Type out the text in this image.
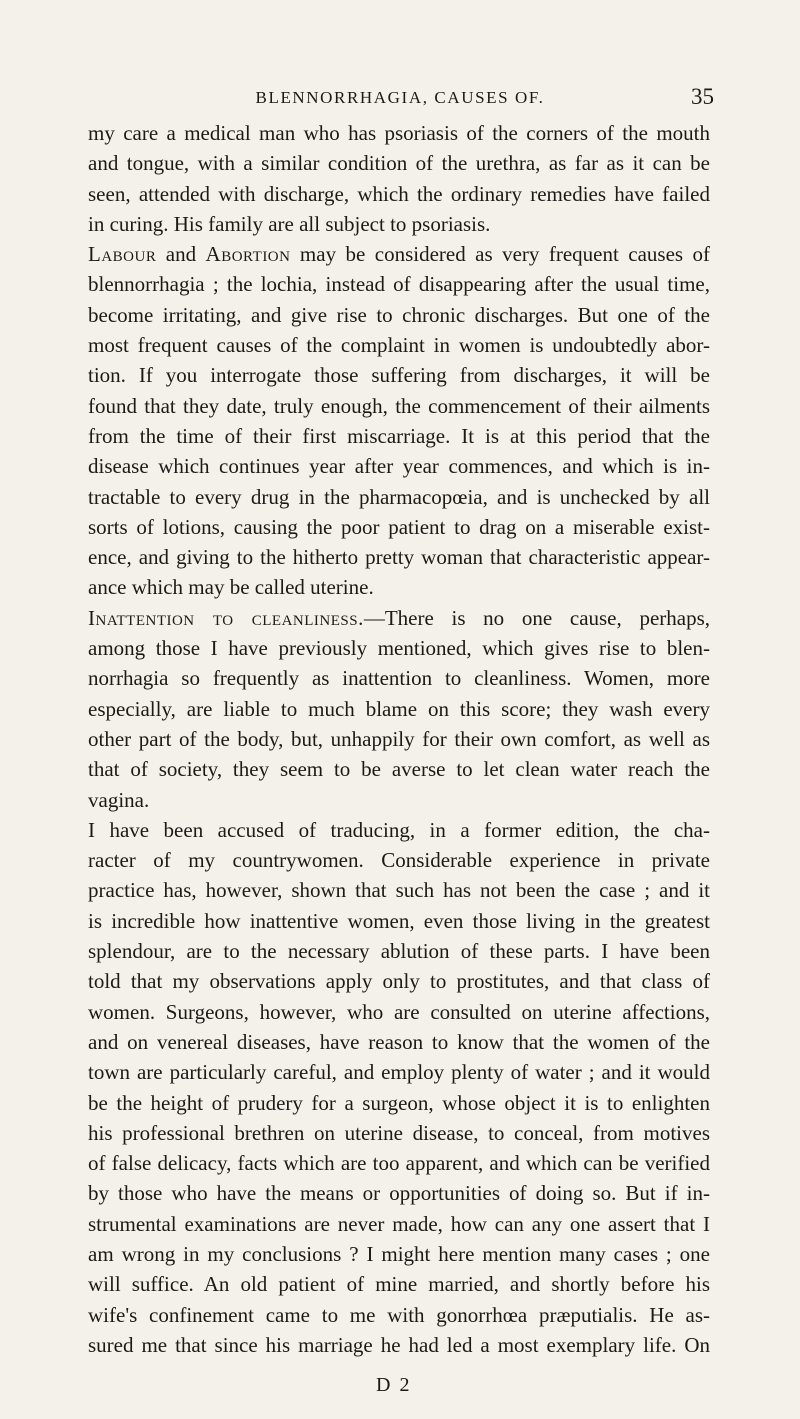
BLENNORRHAGIA, CAUSES OF.	35
my care a medical man who has psoriasis of the corners of the mouth
and tongue, with a similar condition of the urethra, as far as it can be
seen, attended with discharge, which the ordinary remedies have failed
in curing. His family are all subject to psoriasis.
Labour and Abortion may be considered as very frequent causes of
blennorrhagia ; the lochia, instead of disappearing after the usual time,
become irritating, and give rise to chronic discharges. But one of the
most frequent causes of the complaint in women is undoubtedly abor-
tion. If you interrogate those suffering from discharges, it will be
found that they date, truly enough, the commencement of their ailments
from the time of their first miscarriage. It is at this period that the
disease which continues year after year commences, and which is in-
tractable to every drug in the pharmacopœia, and is unchecked by all
sorts of lotions, causing the poor patient to drag on a miserable exist-
ence, and giving to the hitherto pretty woman that characteristic appear-
ance which may be called uterine.
Inattention to cleanliness.—There is no one cause, perhaps,
among those I have previously mentioned, which gives rise to blen-
norrhagia so frequently as inattention to cleanliness. Women, more
especially, are liable to much blame on this score; they wash every
other part of the body, but, unhappily for their own comfort, as well as
that of society, they seem to be averse to let clean water reach the
vagina.
I have been accused of traducing, in a former edition, the cha-
racter of my countrywomen. Considerable experience in private
practice has, however, shown that such has not been the case ; and it
is incredible how inattentive women, even those living in the greatest
splendour, are to the necessary ablution of these parts. I have been
told that my observations apply only to prostitutes, and that class of
women. Surgeons, however, who are consulted on uterine affections,
and on venereal diseases, have reason to know that the women of the
town are particularly careful, and employ plenty of water ; and it would
be the height of prudery for a surgeon, whose object it is to enlighten
his professional brethren on uterine disease, to conceal, from motives
of false delicacy, facts which are too apparent, and which can be verified
by those who have the means or opportunities of doing so. But if in-
strumental examinations are never made, how can any one assert that I
am wrong in my conclusions ? I might here mention many cases ; one
will suffice. An old patient of mine married, and shortly before his
wife's confinement came to me with gonorrhœa præputialis. He as-
sured me that since his marriage he had led a most exemplary life. On
D 2
